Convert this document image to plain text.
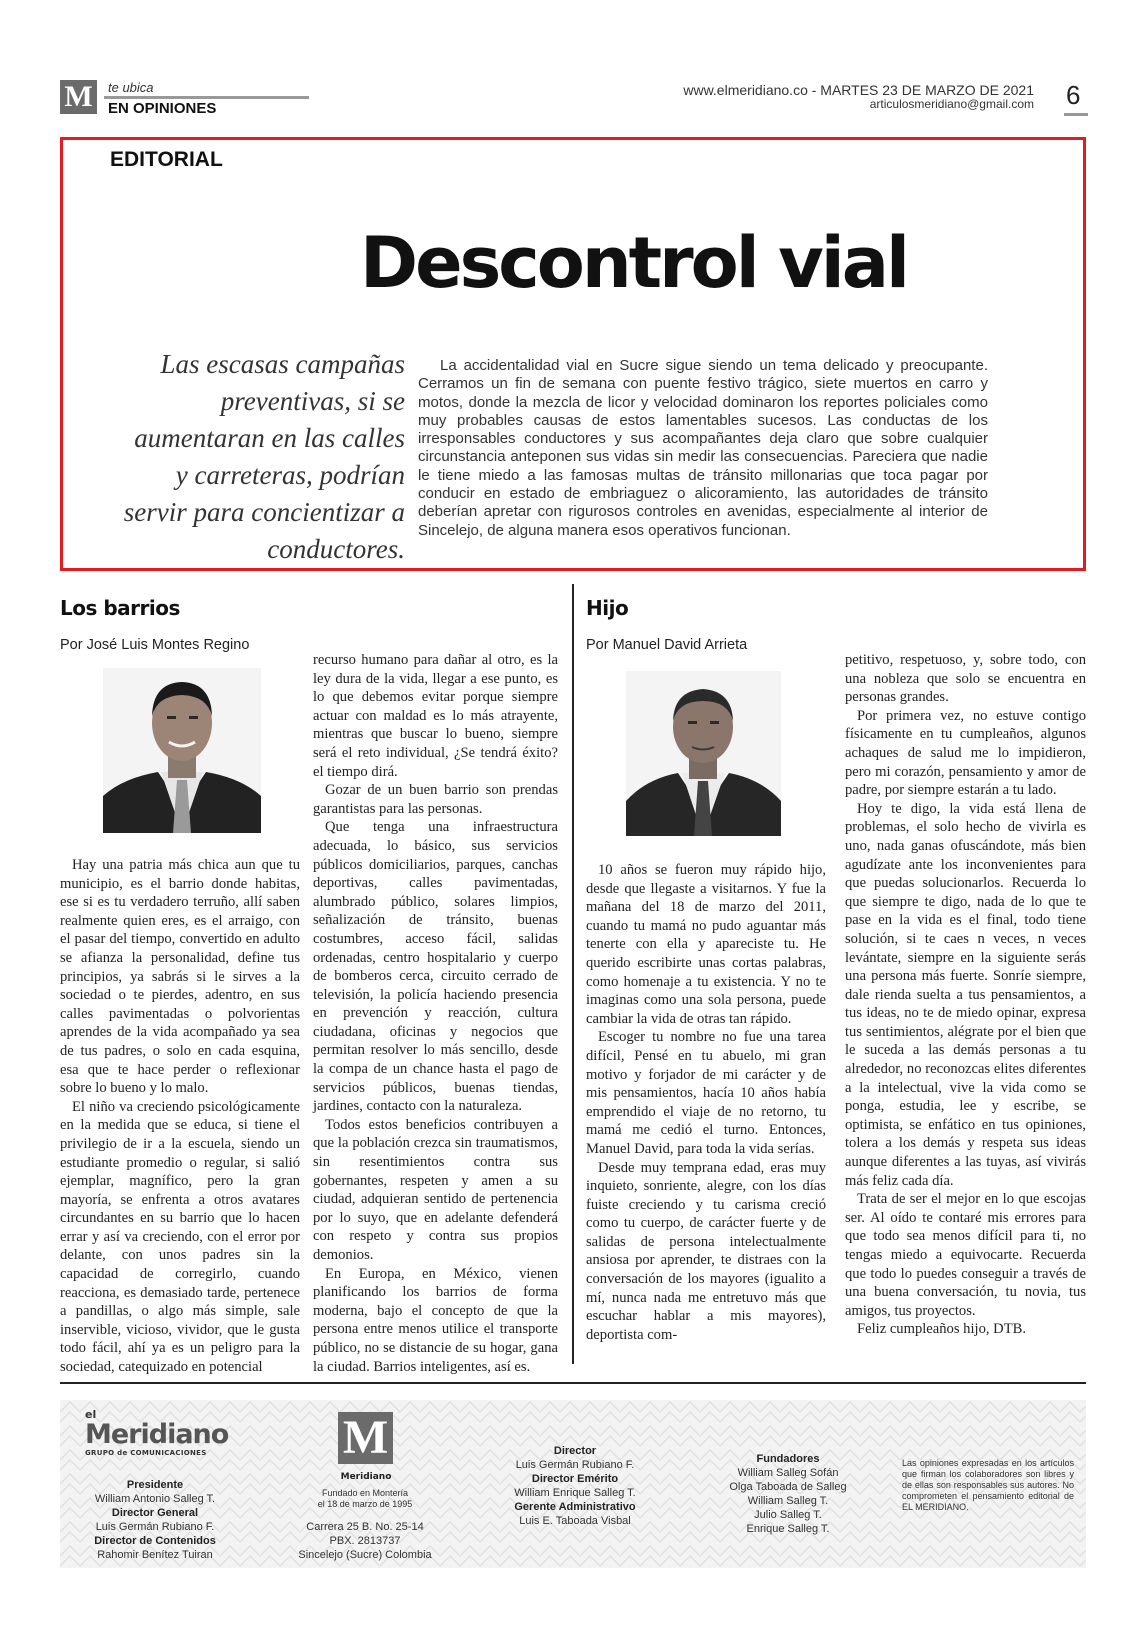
M	te ubica
EN OPINIONES
www.elmeridiano.co - MARTES 23 DE MARZO DE 2021
articulosmeridiano@gmail.com 6
EDITORIAL
Descontrol vial
Las escasas campañas preventivas, si se aumentaran en las calles y carreteras, podrían servir para concientizar a conductores.
La accidentalidad vial en Sucre sigue siendo un tema delicado y preocupante. Cerramos un fin de semana con puente festivo trágico, siete muertos en carro y motos, donde la mezcla de licor y velocidad dominaron los reportes policiales como muy probables causas de estos lamentables sucesos. Las conductas de los irresponsables conductores y sus acompañantes deja claro que sobre cualquier circunstancia anteponen sus vidas sin medir las consecuencias. Pareciera que nadie le tiene miedo a las famosas multas de tránsito millonarias que toca pagar por conducir en estado de embriaguez o alicoramiento, las autoridades de tránsito deberían apretar con rigurosos controles en avenidas, especialmente al interior de Sincelejo, de alguna manera esos operativos funcionan.
Los barrios
Por José Luis Montes Regino

Hay una patria más chica aun que tu municipio, es el barrio donde habitas, ese si es tu verdadero terruño, allí saben realmente quien eres, es el arraigo, con el pasar del tiempo, convertido en adulto se afianza la personalidad, define tus principios, ya sabrás si le sirves a la sociedad o te pierdes, adentro, en sus calles pavimentadas o polvorientas aprendes de la vida acompañado ya sea de tus padres, o solo en cada esquina, esa que te hace perder o reflexionar sobre lo bueno y lo malo.

El niño va creciendo psicológicamente en la medida que se educa, si tiene el privilegio de ir a la escuela, siendo un estudiante promedio o regular, si salió ejemplar, magnífico, pero la gran mayoría, se enfrenta a otros avatares circundantes en su barrio que lo hacen errar y así va creciendo, con el error por delante, con unos padres sin la capacidad de corregirlo, cuando reacciona, es demasiado tarde, pertenece a pandillas, o algo más simple, sale inservible, vicioso, vividor, que le gusta todo fácil, ahí ya es un peligro para la sociedad, catequizado en potencial

recurso humano para dañar al otro, es la ley dura de la vida, llegar a ese punto, es lo que debemos evitar porque siempre actuar con maldad es lo más atrayente, mientras que buscar lo bueno, siempre será el reto individual, ¿Se tendrá éxito? el tiempo dirá.

Gozar de un buen barrio son prendas garantistas para las personas.

Que tenga una infraestructura adecuada, lo básico, sus servicios públicos domiciliarios, parques, canchas deportivas, calles pavimentadas, alumbrado público, solares limpios, señalización de tránsito, buenas costumbres, acceso fácil, salidas ordenadas, centro hospitalario y cuerpo de bomberos cerca, circuito cerrado de televisión, la policía haciendo presencia en prevención y reacción, cultura ciudadana, oficinas y negocios que permitan resolver lo más sencillo, desde la compa de un chance hasta el pago de servicios públicos, buenas tiendas, jardines, contacto con la naturaleza.

Todos estos beneficios contribuyen a que la población crezca sin traumatismos, sin resentimientos contra sus gobernantes, respeten y amen a su ciudad, adquieran sentido de pertenencia por lo suyo, que en adelante defenderá con respeto y contra sus propios demonios.

En Europa, en México, vienen planificando los barrios de forma moderna, bajo el concepto de que la persona entre menos utilice el transporte público, no se distancie de su hogar, gana la ciudad. Barrios inteligentes, así es.

Hijo
Por Manuel David Arrieta

10 años se fueron muy rápido hijo, desde que llegaste a visitarnos. Y fue la mañana del 18 de marzo del 2011, cuando tu mamá no pudo aguantar más tenerte con ella y apareciste tu. He querido escribirte unas cortas palabras, como homenaje a tu existencia. Y no te imaginas como una sola persona, puede cambiar la vida de otras tan rápido.

Escoger tu nombre no fue una tarea difícil, Pensé en tu abuelo, mi gran motivo y forjador de mi carácter y de mis pensamientos, hacía 10 años había emprendido el viaje de no retorno, tu mamá me cedió el turno. Entonces, Manuel David, para toda la vida serías.

Desde muy temprana edad, eras muy inquieto, sonriente, alegre, con los días fuiste creciendo y tu carisma creció como tu cuerpo, de carácter fuerte y de salidas de persona intelectualmente ansiosa por aprender, te distraes con la conversación de los mayores (igualito a mí, nunca nada me entretuvo más que escuchar hablar a mis mayores), deportista com-

petitivo, respetuoso, y, sobre todo, con una nobleza que solo se encuentra en personas grandes.

Por primera vez, no estuve contigo físicamente en tu cumpleaños, algunos achaques de salud me lo impidieron, pero mi corazón, pensamiento y amor de padre, por siempre estarán a tu lado.

Hoy te digo, la vida está llena de problemas, el solo hecho de vivirla es uno, nada ganas ofuscándote, más bien agudízate ante los inconvenientes para que puedas solucionarlos. Recuerda lo que siempre te digo, nada de lo que te pase en la vida es el final, todo tiene solución, si te caes n veces, n veces levántate, siempre en la siguiente serás una persona más fuerte. Sonríe siempre, dale rienda suelta a tus pensamientos, a tus ideas, no te de miedo opinar, expresa tus sentimientos, alégrate por el bien que le suceda a las demás personas a tu alrededor, no reconozcas elites diferentes a la intelectual, vive la vida como se ponga, estudia, lee y escribe, se optimista, se enfático en tus opiniones, tolera a los demás y respeta sus ideas aunque diferentes a las tuyas, así vivirás más feliz cada día.

Trata de ser el mejor en lo que escojas ser. Al oído te contaré mis errores para que todo sea menos difícil para ti, no tengas miedo a equivocarte. Recuerda que todo lo puedes conseguir a través de una buena conversación, tu novia, tus amigos, tus proyectos.

Feliz cumpleaños hijo, DTB.

el
Meridiano
GRUPO de COMUNICACIONES
Presidente
William Antonio Salleg T.
Director General
Luis Germán Rubiano F.
Director de Contenidos
Rahomir Benítez Tuiran
M
Meridiano
Fundado en Montería
el 18 de marzo de 1995
Carrera 25 B. No. 25-14
PBX. 2813737
Sincelejo (Sucre) Colombia
Director
Luis Germán Rubiano F.
Director Emérito
William Enrique Salleg T.
Gerente Administrativo
Luis E. Taboada Visbal
Fundadores
William Salleg Sofán
Olga Taboada de Salleg
William Salleg T.
Julio Salleg T.
Enrique Salleg T.
Las opiniones expresadas en los artículos que firman los colaboradores son libres y de ellas son responsables sus autores. No comprometen el pensamiento editorial de EL MERIDIANO.
